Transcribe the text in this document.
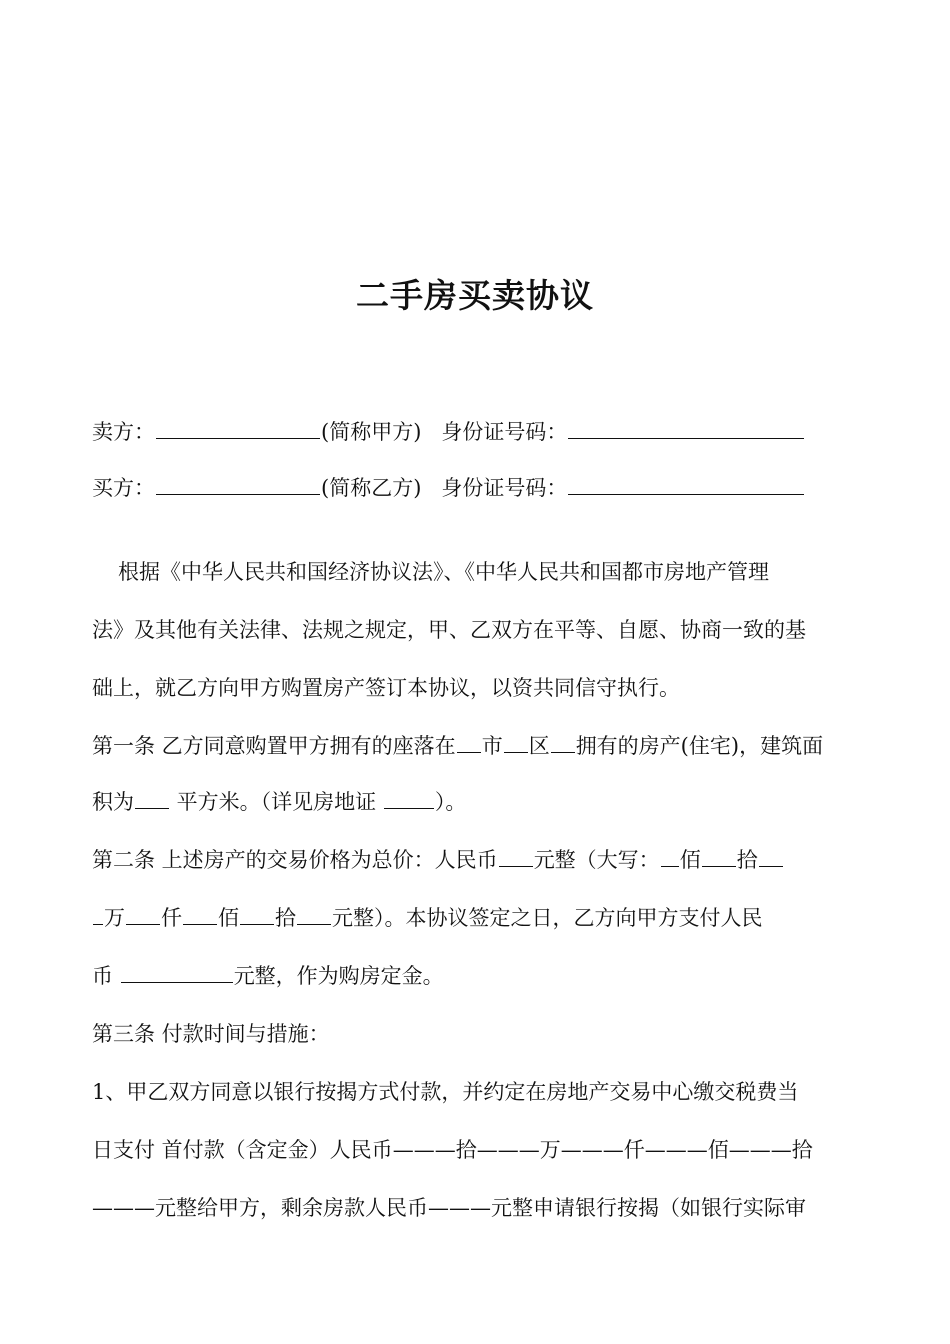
二手房买卖协议
卖方：	(简称甲方) 身份证号码：
买方：	(简称乙方) 身份证号码：
根据《中华人民共和国经济协议法》、《中华人民共和国都市房地产管理
法》及其他有关法律、法规之规定，甲、乙双方在平等、自愿、协商一致的基
础上，就乙方向甲方购置房产签订本协议，以资共同信守执行。
第一条 乙方同意购置甲方拥有的座落在 市 区 拥有的房产(住宅)，建筑面
积为 平方米。（详见房地证 ）。
第二条 上述房产的交易价格为总价：人民币 元整（大写： 佰 拾
万 仟 佰 拾 元整）。本协议签定之日，乙方向甲方支付人民
币	元整，作为购房定金。
第三条 付款时间与措施：
1、甲乙双方同意以银行按揭方式付款，并约定在房地产交易中心缴交税费当
日支付 首付款（含定金）人民币———拾———万———仟———佰———拾
———元整给甲方，剩余房款人民币———元整申请银行按揭（如银行实际审
